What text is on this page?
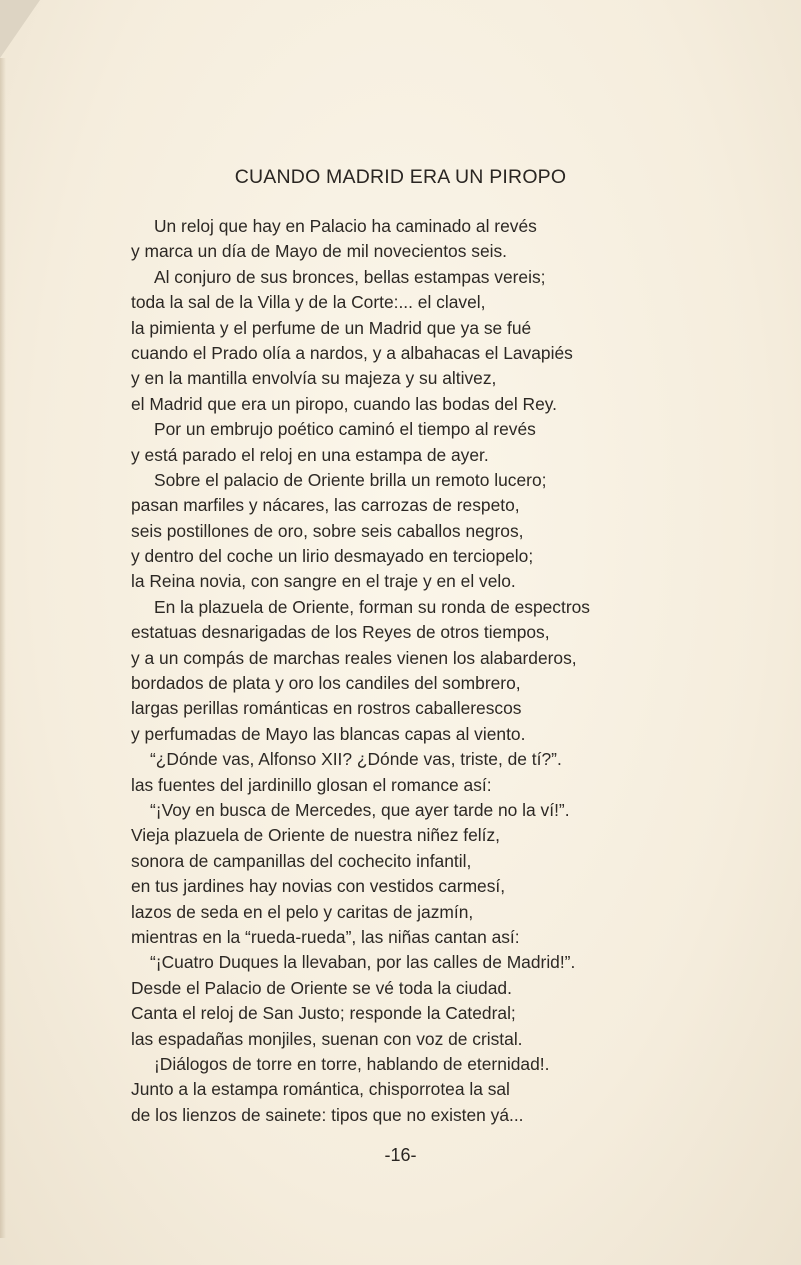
CUANDO MADRID ERA UN PIROPO
Un reloj que hay en Palacio ha caminado al revés
y marca un día de Mayo de mil novecientos seis.
Al conjuro de sus bronces, bellas estampas vereis;
toda la sal de la Villa y de la Corte:... el clavel,
la pimienta y el perfume de un Madrid que ya se fué
cuando el Prado olía a nardos, y a albahacas el Lavapiés
y en la mantilla envolvía su majeza y su altivez,
el Madrid que era un piropo, cuando las bodas del Rey.
Por un embrujo poético caminó el tiempo al revés
y está parado el reloj en una estampa de ayer.
Sobre el palacio de Oriente brilla un remoto lucero;
pasan marfiles y nácares, las carrozas de respeto,
seis postillones de oro, sobre seis caballos negros,
y dentro del coche un lirio desmayado en terciopelo;
la Reina novia, con sangre en el traje y en el velo.
En la plazuela de Oriente, forman su ronda de espectros
estatuas desnarigadas de los Reyes de otros tiempos,
y a un compás de marchas reales vienen los alabarderos,
bordados de plata y oro los candiles del sombrero,
largas perillas románticas en rostros caballerescos
y perfumadas de Mayo las blancas capas al viento.
“¿Dónde vas, Alfonso XII? ¿Dónde vas, triste, de tí?”.
las fuentes del jardinillo glosan el romance así:
“¡Voy en busca de Mercedes, que ayer tarde no la ví!”.
Vieja plazuela de Oriente de nuestra niñez felíz,
sonora de campanillas del cochecito infantil,
en tus jardines hay novias con vestidos carmesí,
lazos de seda en el pelo y caritas de jazmín,
mientras en la “rueda-rueda”, las niñas cantan así:
“¡Cuatro Duques la llevaban, por las calles de Madrid!”.
Desde el Palacio de Oriente se vé toda la ciudad.
Canta el reloj de San Justo; responde la Catedral;
las espadañas monjiles, suenan con voz de cristal.
¡Diálogos de torre en torre, hablando de eternidad!.
Junto a la estampa romántica, chisporrotea la sal
de los lienzos de sainete: tipos que no existen yá...
-16-
